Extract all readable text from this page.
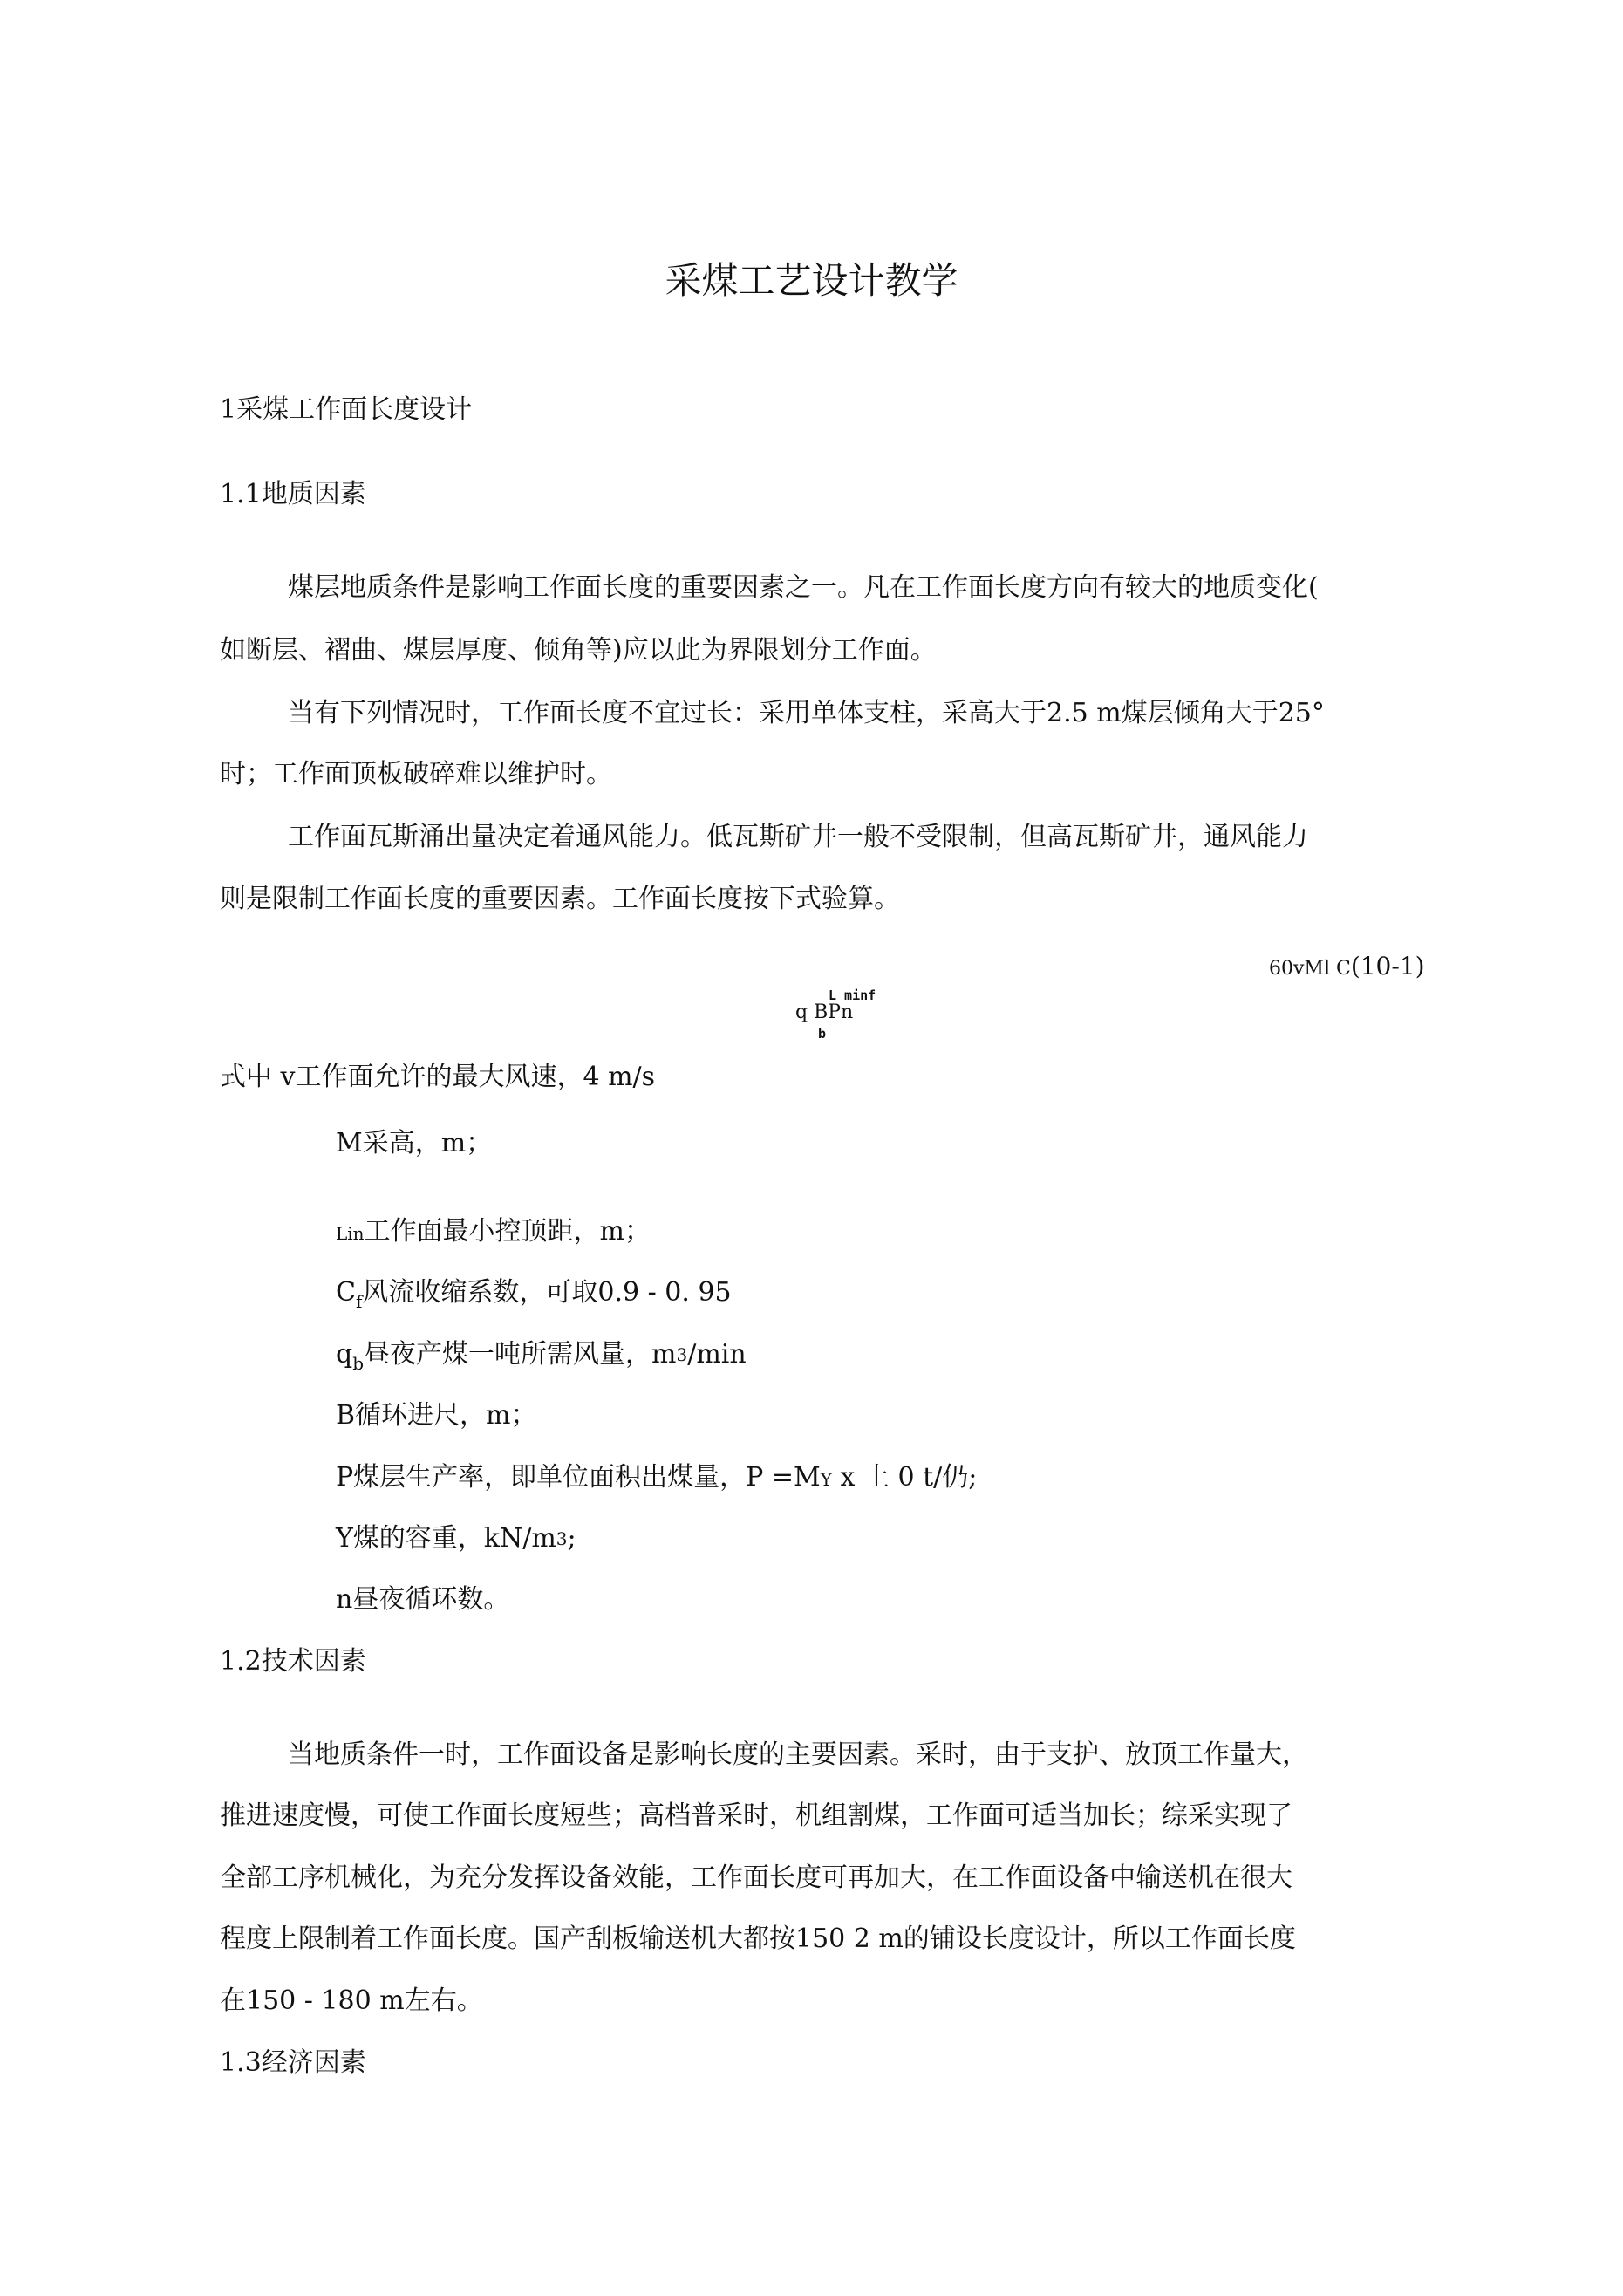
采煤工艺设计教学
1采煤工作面长度设计
1.1地质因素
煤层地质条件是影响工作面长度的重要因素之一。凡在工作面长度方向有较大的地质变化(
如断层、褶曲、煤层厚度、倾角等)应以此为界限划分工作面。
当有下列情况时，工作面长度不宜过长：采用单体支柱，采高大于2.5 m煤层倾角大于25°
时；工作面顶板破碎难以维护时。
工作面瓦斯涌出量决定着通风能力。低瓦斯矿井一般不受限制，但高瓦斯矿井，通风能力
则是限制工作面长度的重要因素。工作面长度按下式验算。
60vMl C(10-1)
L minf
q BPn
b
式中 v工作面允许的最大风速，4 m/s
M采高，m；
Lin工作面最小控顶距，m；
$C_f$风流收缩系数，可取0.9 - 0. 95
$q_b$昼夜产煤一吨所需风量，m3/min
B循环进尺，m；
P煤层生产率，即单位面积出煤量，P =MY x 土 0 t/仍;
Y煤的容重，kN/m3;
n昼夜循环数。
1.2技术因素
当地质条件一时，工作面设备是影响长度的主要因素。采时，由于支护、放顶工作量大，
推进速度慢，可使工作面长度短些；高档普采时，机组割煤，工作面可适当加长；综采实现了
全部工序机械化，为充分发挥设备效能，工作面长度可再加大，在工作面设备中输送机在很大
程度上限制着工作面长度。国产刮板输送机大都按150 2 m的铺设长度设计，所以工作面长度
在150 - 180 m左右。
1.3经济因素
